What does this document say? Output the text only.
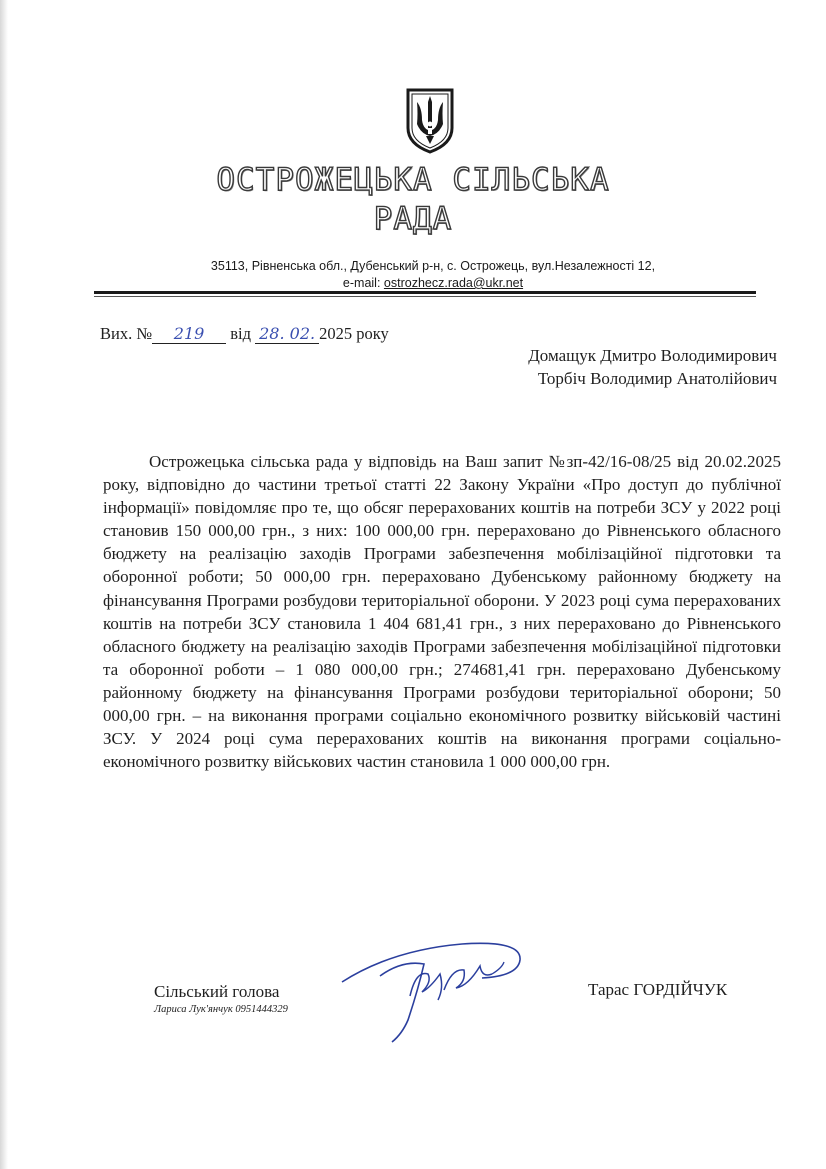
ОСТРОЖЕЦЬКА СІЛЬСЬКА
РАДА
35113, Рівненська обл., Дубенський р-н, с. Острожець, вул.Незалежності 12,
e-mail: ostrozhecz.rada@ukr.net
Вих. № 219 від 28. 02. 2025 року
Домащук Дмитро Володимирович
Торбіч Володимир Анатолійович

Острожецька сільська рада у відповідь на Ваш запит №зп-42/16-08/25 від 20.02.2025 року, відповідно до частини третьої статті 22 Закону України «Про доступ до публічної інформації» повідомляє про те, що обсяг перерахованих коштів на потреби ЗСУ у 2022 році становив 150 000,00 грн., з них: 100 000,00 грн. перераховано до Рівненського обласного бюджету на реалізацію заходів Програми забезпечення мобілізаційної підготовки та оборонної роботи; 50 000,00 грн. перераховано Дубенському районному бюджету на фінансування Програми розбудови територіальної оборони. У 2023 році сума перерахованих коштів на потреби ЗСУ становила 1 404 681,41 грн., з них перераховано до Рівненського обласного бюджету на реалізацію заходів Програми забезпечення мобілізаційної підготовки та оборонної роботи – 1 080 000,00 грн.; 274681,41 грн. перераховано Дубенському районному бюджету на фінансування Програми розбудови територіальної оборони; 50 000,00 грн. – на виконання програми соціально економічного розвитку військовій частині ЗСУ. У 2024 році сума перерахованих коштів на виконання програми соціально-економічного розвитку військових частин становила 1 000 000,00 грн.

Сільський голова
Лариса Лук'янчук 0951444329
Тарас ГОРДІЙЧУК
